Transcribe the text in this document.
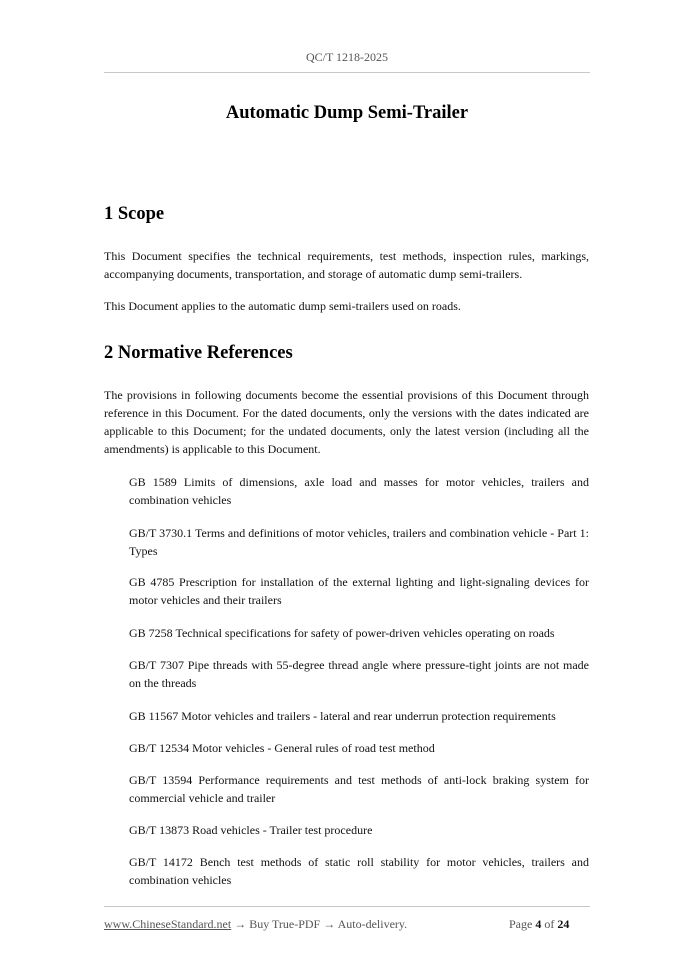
QC/T 1218-2025
Automatic Dump Semi-Trailer
1 Scope
This Document specifies the technical requirements, test methods, inspection rules, markings, accompanying documents, transportation, and storage of automatic dump semi-trailers.
This Document applies to the automatic dump semi-trailers used on roads.
2 Normative References
The provisions in following documents become the essential provisions of this Document through reference in this Document. For the dated documents, only the versions with the dates indicated are applicable to this Document; for the undated documents, only the latest version (including all the amendments) is applicable to this Document.
GB 1589 Limits of dimensions, axle load and masses for motor vehicles, trailers and combination vehicles
GB/T 3730.1 Terms and definitions of motor vehicles, trailers and combination vehicle - Part 1: Types
GB 4785 Prescription for installation of the external lighting and light-signaling devices for motor vehicles and their trailers
GB 7258 Technical specifications for safety of power-driven vehicles operating on roads
GB/T 7307 Pipe threads with 55-degree thread angle where pressure-tight joints are not made on the threads
GB 11567 Motor vehicles and trailers - lateral and rear underrun protection requirements
GB/T 12534 Motor vehicles - General rules of road test method
GB/T 13594 Performance requirements and test methods of anti-lock braking system for commercial vehicle and trailer
GB/T 13873 Road vehicles - Trailer test procedure
GB/T 14172 Bench test methods of static roll stability for motor vehicles, trailers and combination vehicles
www.ChineseStandard.net → Buy True-PDF → Auto-delivery.	Page 4 of 24
